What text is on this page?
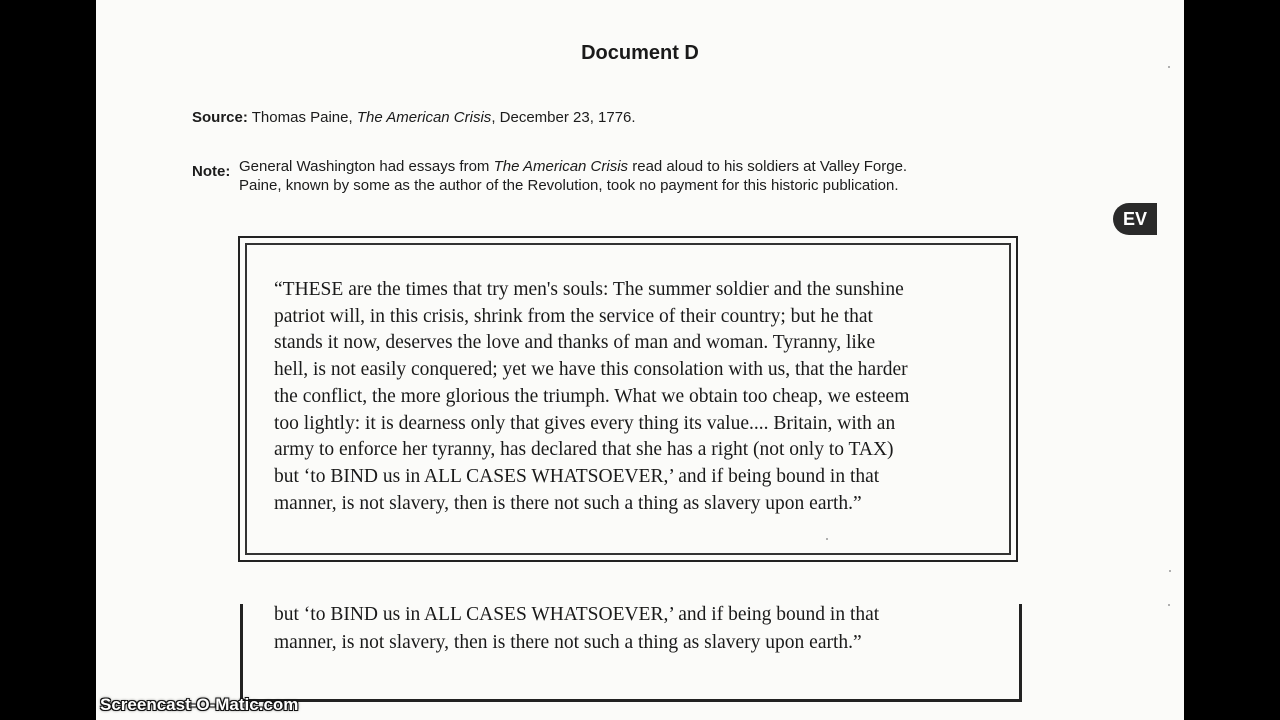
Document D
Source: Thomas Paine, The American Crisis, December 23, 1776.
Note: General Washington had essays from The American Crisis read aloud to his soldiers at Valley Forge.
Paine, known by some as the author of the Revolution, took no payment for this historic publication.
EV
“THESE are the times that try men's souls: The summer soldier and the sunshine
patriot will, in this crisis, shrink from the service of their country; but he that
stands it now, deserves the love and thanks of man and woman. Tyranny, like
hell, is not easily conquered; yet we have this consolation with us, that the harder
the conflict, the more glorious the triumph. What we obtain too cheap, we esteem
too lightly: it is dearness only that gives every thing its value.... Britain, with an
army to enforce her tyranny, has declared that she has a right (not only to TAX)
but ‘to BIND us in ALL CASES WHATSOEVER,’ and if being bound in that
manner, is not slavery, then is there not such a thing as slavery upon earth.”
but ‘to BIND us in ALL CASES WHATSOEVER,’ and if being bound in that
manner, is not slavery, then is there not such a thing as slavery upon earth.”
Screencast-O-Matic.com
